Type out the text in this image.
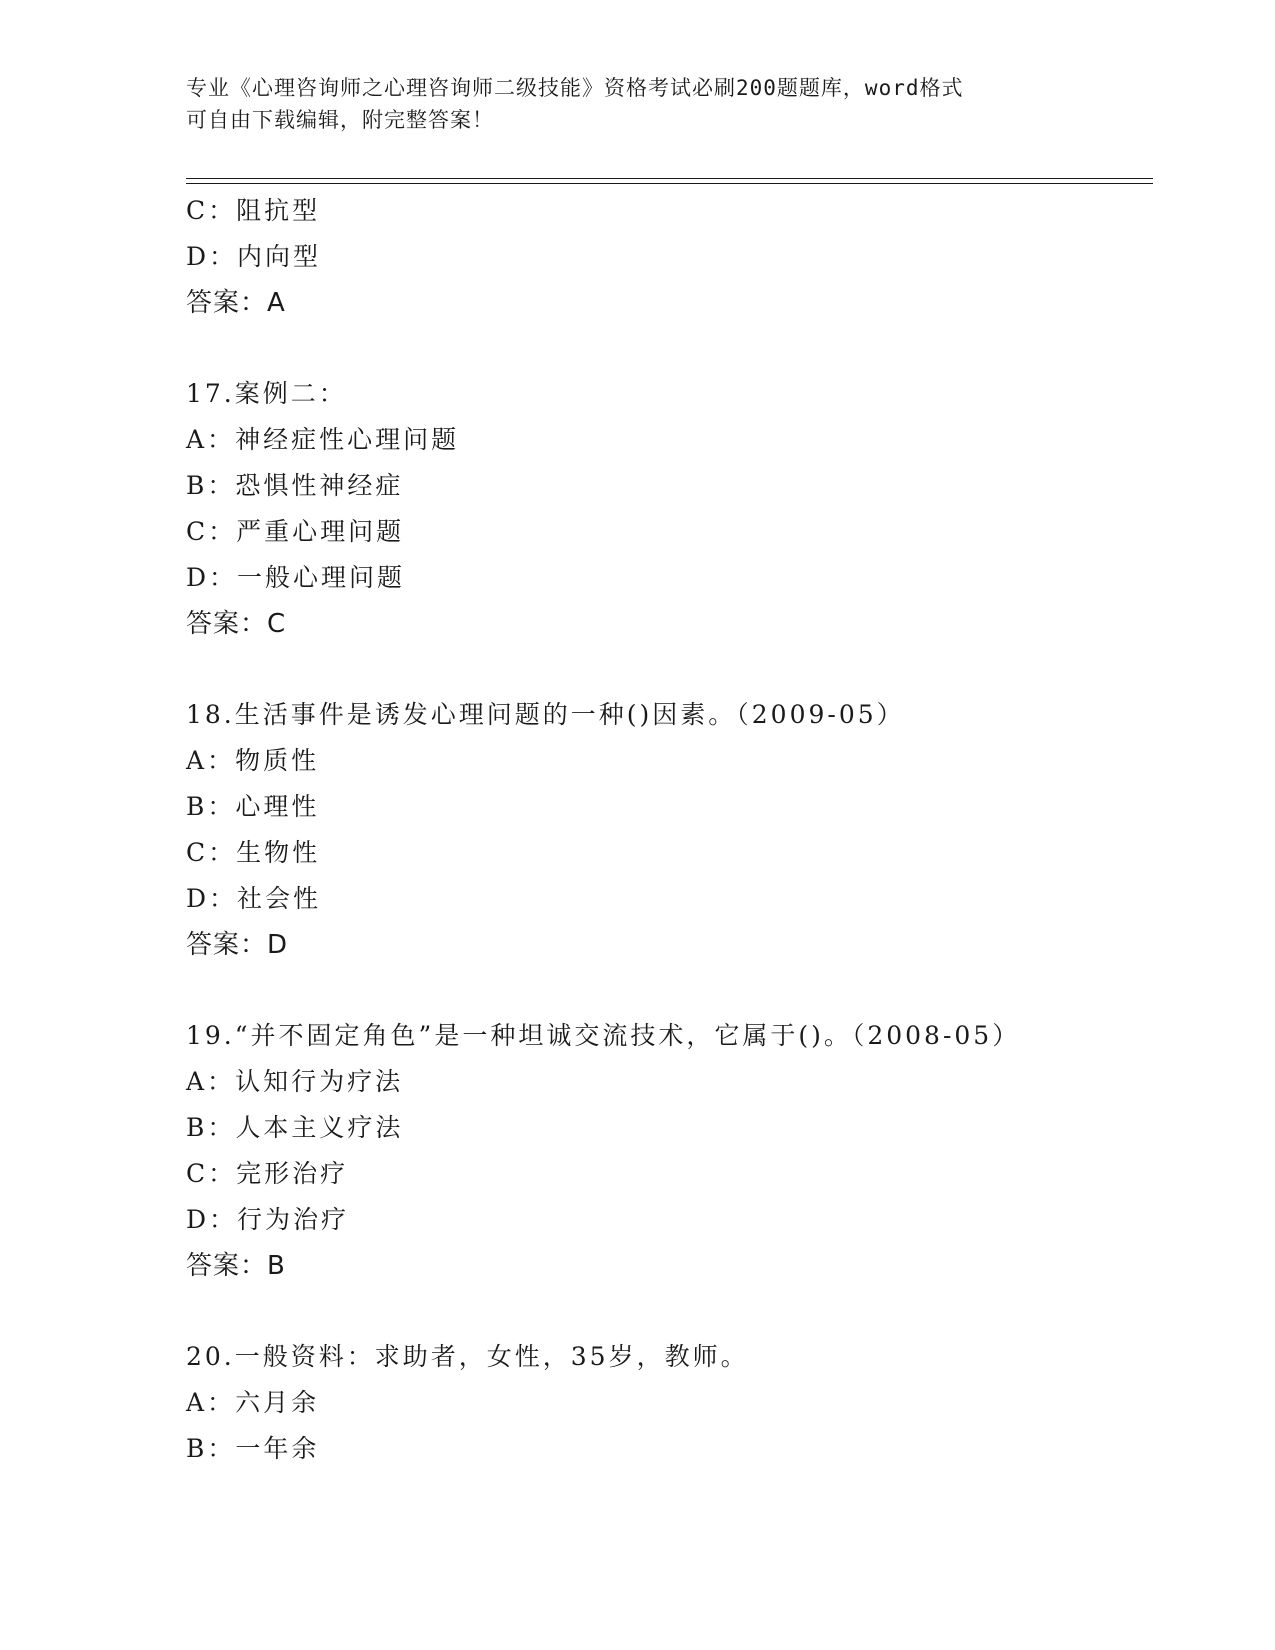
专业《心理咨询师之心理咨询师二级技能》资格考试必刷200题题库，word格式
可自由下载编辑，附完整答案！
C：阻抗型
D：内向型
答案：A
17.案例二：
A：神经症性心理问题
B：恐惧性神经症
C：严重心理问题
D：一般心理问题
答案：C
18.生活事件是诱发心理问题的一种()因素。（2009-05）
A：物质性
B：心理性
C：生物性
D：社会性
答案：D
19.“并不固定角色”是一种坦诚交流技术，它属于()。（2008-05）
A：认知行为疗法
B：人本主义疗法
C：完形治疗
D：行为治疗
答案：B
20.一般资料：求助者，女性，35岁，教师。
A：六月余
B：一年余
